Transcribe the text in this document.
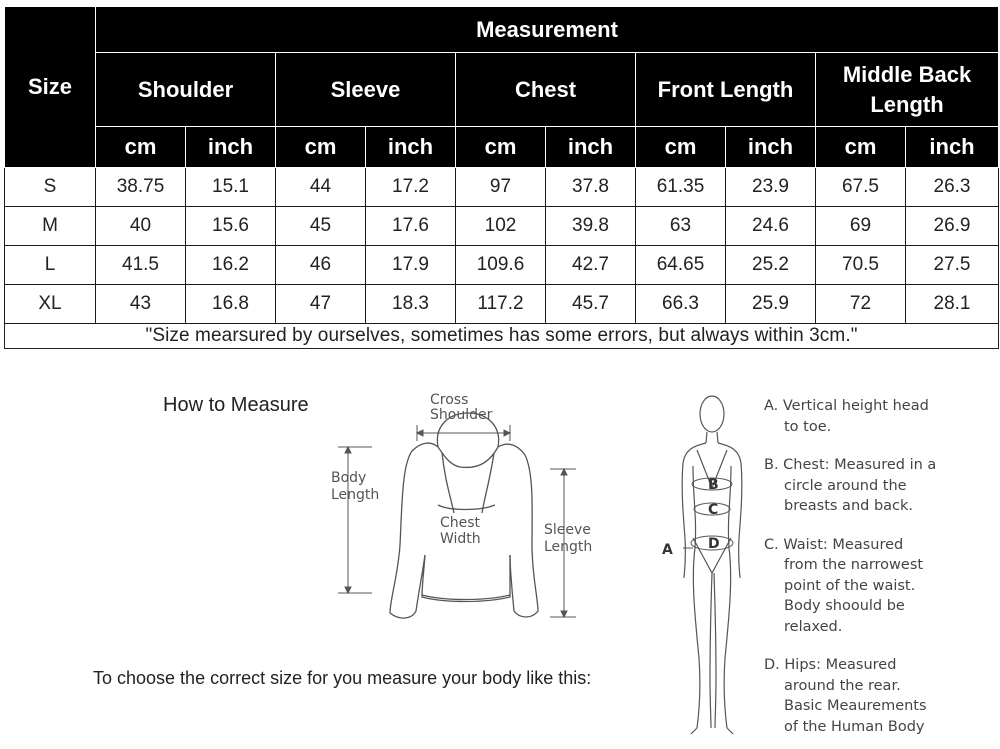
Size	Measurement									
	Shoulder		Sleeve		Chest		Front Length		Middle Back Length	
	cm	inch	cm	inch	cm	inch	cm	inch	cm	inch
S	38.75	15.1	44	17.2	97	37.8	61.35	23.9	67.5	26.3
M	40	15.6	45	17.6	102	39.8	63	24.6	69	26.9
L	41.5	16.2	46	17.9	109.6	42.7	64.65	25.2	70.5	27.5
XL	43	16.8	47	18.3	117.2	45.7	66.3	25.9	72	28.1
"Size mearsured by ourselves, sometimes has some errors, but always within 3cm."										
How to Measure	Cross
Shoulder
Body
Length
Chest
Width
Sleeve
Length
To choose the correct size for you measure your body like this:
B
C
D
A
A. Vertical height head
to toe.
B. Chest: Measured in a
circle around the
breasts and back.
C. Waist: Measured
from the narrowest
point of the waist.
Body shoould be
relaxed.
D. Hips: Measured
around the rear.
Basic Meaurements
of the Human Body
